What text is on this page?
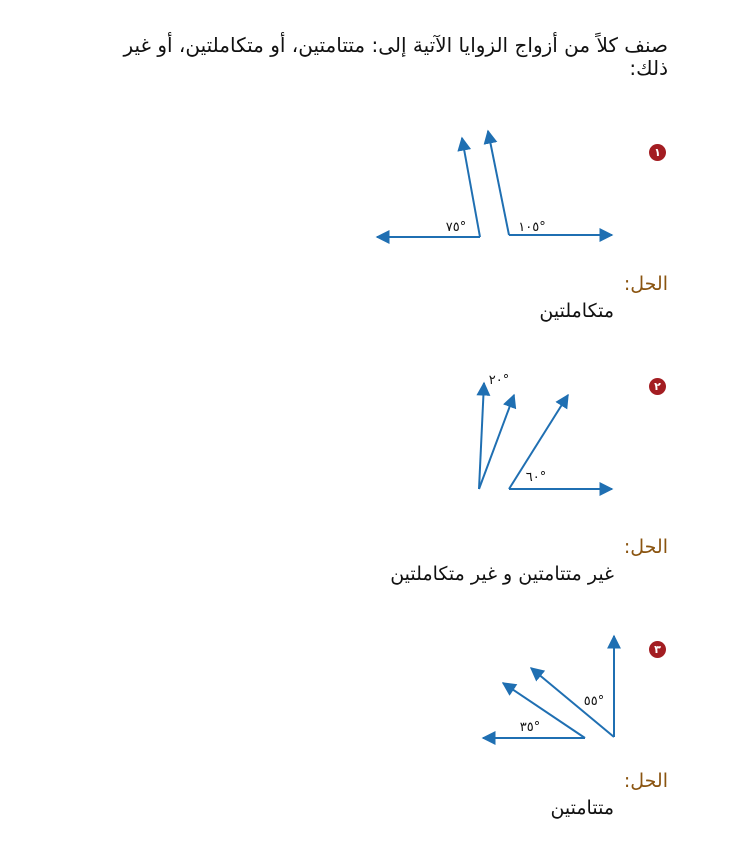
صنف كلاً من أزواج الزوايا الآتية إلى: متتامتين، أو متكاملتين، أو غير ذلك:
١
الحل:
متكاملتين
٢
الحل:
غير متتامتين و غير متكاملتين
٣
الحل:
متتامتين
١٠٥°
٧٥°
٢٠°
٦٠°
٥٥°
٣٥°
